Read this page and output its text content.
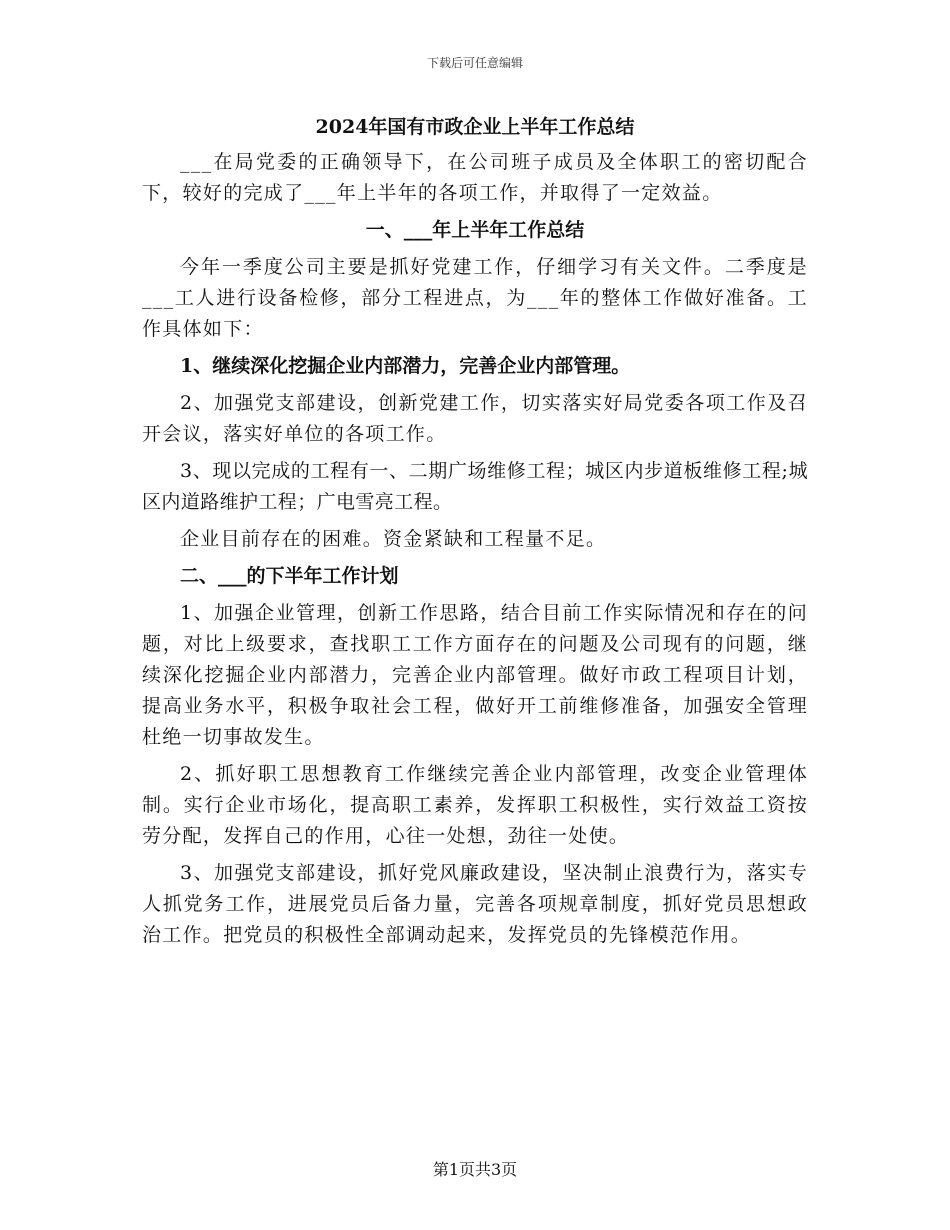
下载后可任意编辑
2024年国有市政企业上半年工作总结

___在局党委的正确领导下，在公司班子成员及全体职工的密切配合下，较好的完成了___年上半年的各项工作，并取得了一定效益。

一、___年上半年工作总结

今年一季度公司主要是抓好党建工作，仔细学习有关文件。二季度是___工人进行设备检修，部分工程进点，为___年的整体工作做好准备。工作具体如下：

1、继续深化挖掘企业内部潜力，完善企业内部管理。

2、加强党支部建设，创新党建工作，切实落实好局党委各项工作及召开会议，落实好单位的各项工作。

3、现以完成的工程有一、二期广场维修工程；城区内步道板维修工程;城区内道路维护工程；广电雪亮工程。

企业目前存在的困难。资金紧缺和工程量不足。

二、___的下半年工作计划

1、加强企业管理，创新工作思路，结合目前工作实际情况和存在的问题，对比上级要求，查找职工工作方面存在的问题及公司现有的问题，继续深化挖掘企业内部潜力，完善企业内部管理。做好市政工程项目计划，提高业务水平，积极争取社会工程，做好开工前维修准备，加强安全管理杜绝一切事故发生。

2、抓好职工思想教育工作继续完善企业内部管理，改变企业管理体制。实行企业市场化，提高职工素养，发挥职工积极性，实行效益工资按劳分配，发挥自己的作用，心往一处想，劲往一处使。

3、加强党支部建设，抓好党风廉政建设，坚决制止浪费行为，落实专人抓党务工作，进展党员后备力量，完善各项规章制度，抓好党员思想政治工作。把党员的积极性全部调动起来，发挥党员的先锋模范作用。

第1页共3页
